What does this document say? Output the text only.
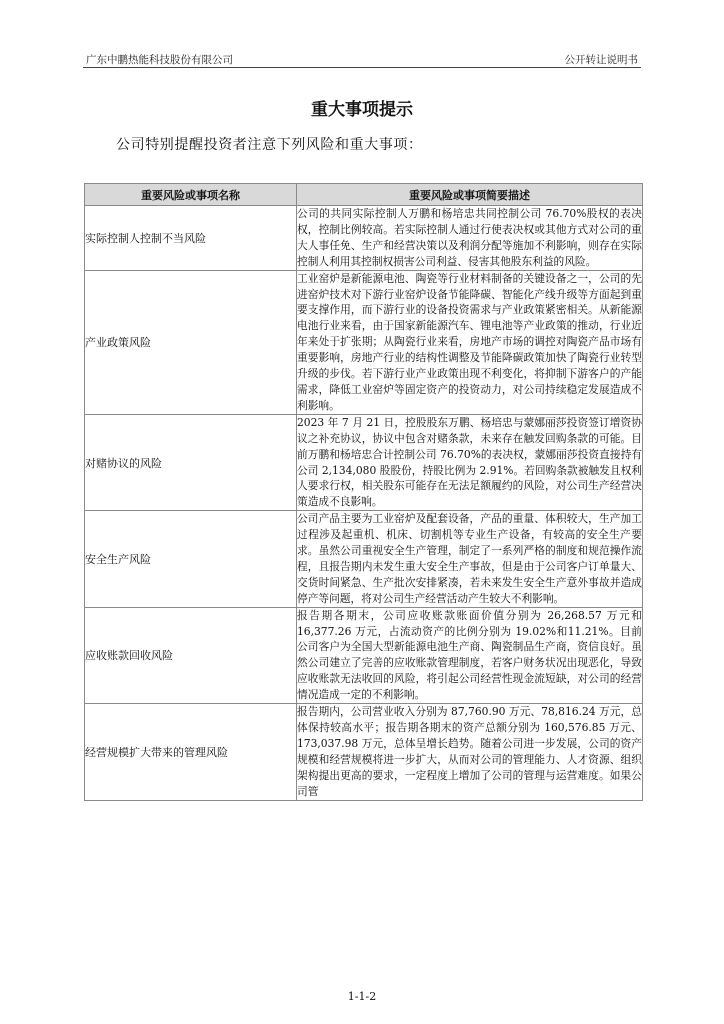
广东中鹏热能科技股份有限公司	公开转让说明书
重大事项提示
公司特别提醒投资者注意下列风险和重大事项：
重要风险或事项名称	重要风险或事项简要描述
实际控制人控制不当风险	公司的共同实际控制人万鹏和杨培忠共同控制公司 76.70%股权的表决权，控制比例较高。若实际控制人通过行使表决权或其他方式对公司的重大人事任免、生产和经营决策以及利润分配等施加不利影响，则存在实际控制人利用其控制权损害公司利益、侵害其他股东利益的风险。
产业政策风险	工业窑炉是新能源电池、陶瓷等行业材料制备的关键设备之一，公司的先进窑炉技术对下游行业窑炉设备节能降碳、智能化产线升级等方面起到重要支撑作用，而下游行业的设备投资需求与产业政策紧密相关。从新能源电池行业来看，由于国家新能源汽车、锂电池等产业政策的推动，行业近年来处于扩张期；从陶瓷行业来看，房地产市场的调控对陶瓷产品市场有重要影响，房地产行业的结构性调整及节能降碳政策加快了陶瓷行业转型升级的步伐。若下游行业产业政策出现不利变化，将抑制下游客户的产能需求，降低工业窑炉等固定资产的投资动力，对公司持续稳定发展造成不利影响。
对赌协议的风险	2023 年 7 月 21 日，控股股东万鹏、杨培忠与蒙娜丽莎投资签订增资协议之补充协议，协议中包含对赌条款，未来存在触发回购条款的可能。目前万鹏和杨培忠合计控制公司 76.70%的表决权，蒙娜丽莎投资直接持有公司 2,134,080 股股份，持股比例为 2.91%。若回购条款被触发且权利人要求行权，相关股东可能存在无法足额履约的风险，对公司生产经营决策造成不良影响。
安全生产风险	公司产品主要为工业窑炉及配套设备，产品的重量、体积较大，生产加工过程涉及起重机、机床、切割机等专业生产设备，有较高的安全生产要求。虽然公司重视安全生产管理，制定了一系列严格的制度和规范操作流程，且报告期内未发生重大安全生产事故，但是由于公司客户订单量大、交货时间紧急、生产批次安排紧凑，若未来发生安全生产意外事故并造成停产等问题，将对公司生产经营活动产生较大不利影响。
应收账款回收风险	报告期各期末，公司应收账款账面价值分别为 26,268.57 万元和 16,377.26 万元，占流动资产的比例分别为 19.02%和11.21%。目前公司客户为全国大型新能源电池生产商、陶瓷制品生产商，资信良好。虽然公司建立了完善的应收账款管理制度，若客户财务状况出现恶化，导致应收账款无法收回的风险，将引起公司经营性现金流短缺，对公司的经营情况造成一定的不利影响。
经营规模扩大带来的管理风险	报告期内，公司营业收入分别为 87,760.90 万元、78,816.24 万元，总体保持较高水平；报告期各期末的资产总额分别为 160,576.85 万元、173,037.98 万元，总体呈增长趋势。随着公司进一步发展，公司的资产规模和经营规模将进一步扩大，从而对公司的管理能力、人才资源、组织架构提出更高的要求，一定程度上增加了公司的管理与运营难度。如果公司管
1-1-2
